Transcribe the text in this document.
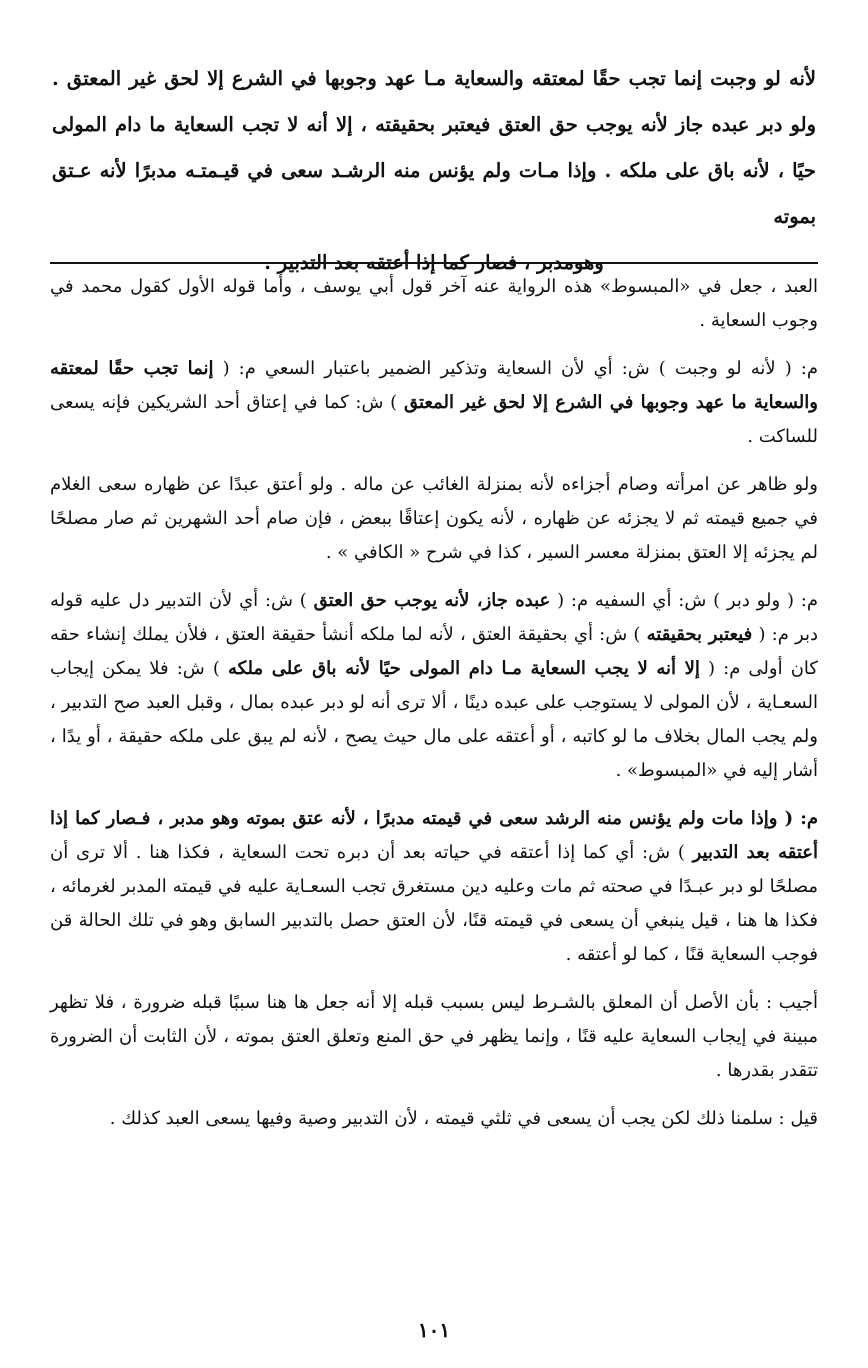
لأنه لو وجبت إنما تجب حقًا لمعتقه والسعاية مـا عهد وجوبها في الشرع إلا لحق غير المعتق . ولو دبر عبده جاز لأنه يوجب حق العتق فيعتبر بحقيقته ، إلا أنه لا تجب السعاية ما دام المولى حيًا ، لأنه باق على ملكه . وإذا مـات ولم يؤنس منه الرشـد سعى في قيـمتـه مدبرًا لأنه عـتق بموته
وهومدبر ، فصار كما إذا أعتقه بعد التدبير .

العبد ، جعل في «المبسوط» هذه الرواية عنه آخر قول أبي يوسف ، وأما قوله الأول كقول محمد في وجوب السعاية .

م: ( لأنه لو وجبت ) ش: أي لأن السعاية وتذكير الضمير باعتبار السعي م: ( إنما تجب حقًا لمعتقه والسعاية ما عهد وجوبها في الشرع إلا لحق غير المعتق ) ش: كما في إعتاق أحد الشريكين فإنه يسعى للساكت .

ولو ظاهر عن امرأته وصام أجزاءه لأنه بمنزلة الغائب عن ماله . ولو أعتق عبدًا عن ظهاره سعى الغلام في جميع قيمته ثم لا يجزئه عن ظهاره ، لأنه يكون إعتاقًا ببعض ، فإن صام أحد الشهرين ثم صار مصلحًا لم يجزئه إلا العتق بمنزلة معسر السير ، كذا في شرح « الكافي » .

م: ( ولو دبر ) ش: أي السفيه م: ( عبده جاز، لأنه يوجب حق العتق ) ش: أي لأن التدبير دل عليه قوله دبر م: ( فيعتبر بحقيقته ) ش: أي بحقيقة العتق ، لأنه لما ملكه أنشأ حقيقة العتق ، فلأن يملك إنشاء حقه كان أولى م: ( إلا أنه لا يجب السعاية مـا دام المولى حيًا لأنه باق على ملكه ) ش: فلا يمكن إيجاب السعـاية ، لأن المولى لا يستوجب على عبده دينًا ، ألا ترى أنه لو دبر عبده بمال ، وقبل العبد صح التدبير ، ولم يجب المال بخلاف ما لو كاتبه ، أو أعتقه على مال حيث يصح ، لأنه لم يبق على ملكه حقيقة ، أو يدًا ، أشار إليه في «المبسوط» .

م: ( وإذا مات ولم يؤنس منه الرشد سعى في قيمته مدبرًا ، لأنه عتق بموته وهو مدبر ، فـصار كما إذا أعتقه بعد التدبير ) ش: أي كما إذا أعتقه في حياته بعد أن دبره تحت السعاية ، فكذا هنا . ألا ترى أن مصلحًا لو دبر عبـدًا في صحته ثم مات وعليه دين مستغرق تجب السعـاية عليه في قيمته المدبر لغرمائه ، فكذا ها هنا ، قيل ينبغي أن يسعى في قيمته قنًا، لأن العتق حصل بالتدبير السابق وهو في تلك الحالة قن فوجب السعاية قنًا ، كما لو أعتقه .

أجيب : بأن الأصل أن المعلق بالشـرط ليس بسبب قبله إلا أنه جعل ها هنا سببًا قبله ضرورة ، فلا تظهر مبينة في إيجاب السعاية عليه قنًا ، وإنما يظهر في حق المنع وتعلق العتق بموته ، لأن الثابت أن الضرورة تتقدر بقدرها .

قيل : سلمنا ذلك لكن يجب أن يسعى في ثلثي قيمته ، لأن التدبير وصية وفيها يسعى العبد كذلك .

١٠١
